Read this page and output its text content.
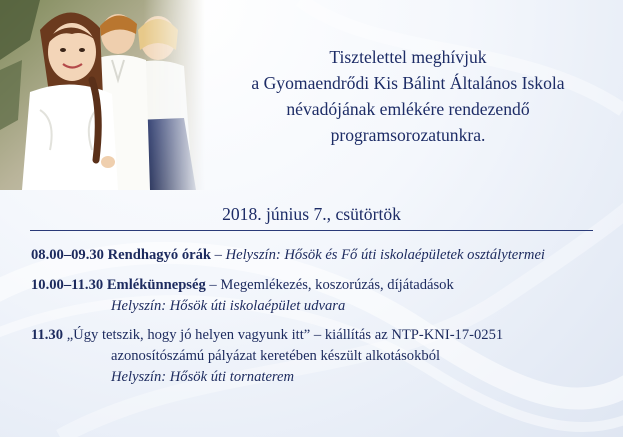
Tisztelettel meghívjuk
a Gyomaendrődi Kis Bálint Általános Iskola
névadójának emlékére rendezendő
programsorozatunkra.
2018. június 7., csütörtök
08.00–09.30 Rendhagyó órák – Helyszín: Hősök és Fő úti iskolaépületek osztálytermei
10.00–11.30 Emlékünnepség – Megemlékezés, koszorúzás, díjátadások
Helyszín: Hősök úti iskolaépület udvara
11.30 „Úgy tetszik, hogy jó helyen vagyunk itt” – kiállítás az NTP-KNI-17-0251
azonosítószámú pályázat keretében készült alkotásokból
Helyszín: Hősök úti tornaterem
